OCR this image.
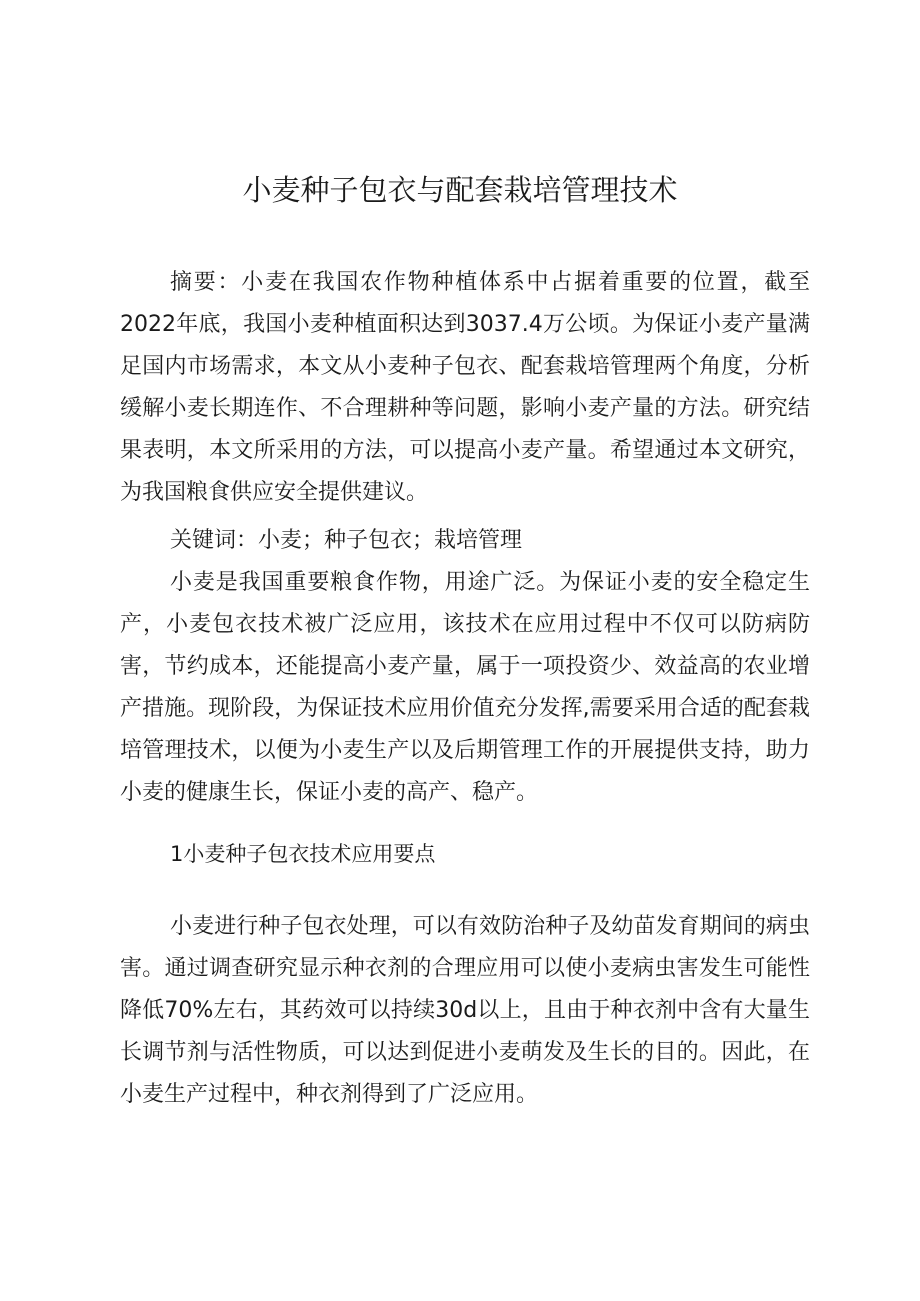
小麦种子包衣与配套栽培管理技术

摘要：小麦在我国农作物种植体系中占据着重要的位置，截至2022年底，我国小麦种植面积达到3037.4万公顷。为保证小麦产量满足国内市场需求，本文从小麦种子包衣、配套栽培管理两个角度，分析缓解小麦长期连作、不合理耕种等问题，影响小麦产量的方法。研究结果表明，本文所采用的方法，可以提高小麦产量。希望通过本文研究，为我国粮食供应安全提供建议。

关键词：小麦；种子包衣；栽培管理

小麦是我国重要粮食作物，用途广泛。为保证小麦的安全稳定生产，小麦包衣技术被广泛应用，该技术在应用过程中不仅可以防病防害，节约成本，还能提高小麦产量，属于一项投资少、效益高的农业增产措施。现阶段，为保证技术应用价值充分发挥,需要采用合适的配套栽培管理技术，以便为小麦生产以及后期管理工作的开展提供支持，助力小麦的健康生长，保证小麦的高产、稳产。

1小麦种子包衣技术应用要点

小麦进行种子包衣处理，可以有效防治种子及幼苗发育期间的病虫害。通过调查研究显示种衣剂的合理应用可以使小麦病虫害发生可能性降低70%左右，其药效可以持续30d以上，且由于种衣剂中含有大量生长调节剂与活性物质，可以达到促进小麦萌发及生长的目的。因此，在小麦生产过程中，种衣剂得到了广泛应用。
